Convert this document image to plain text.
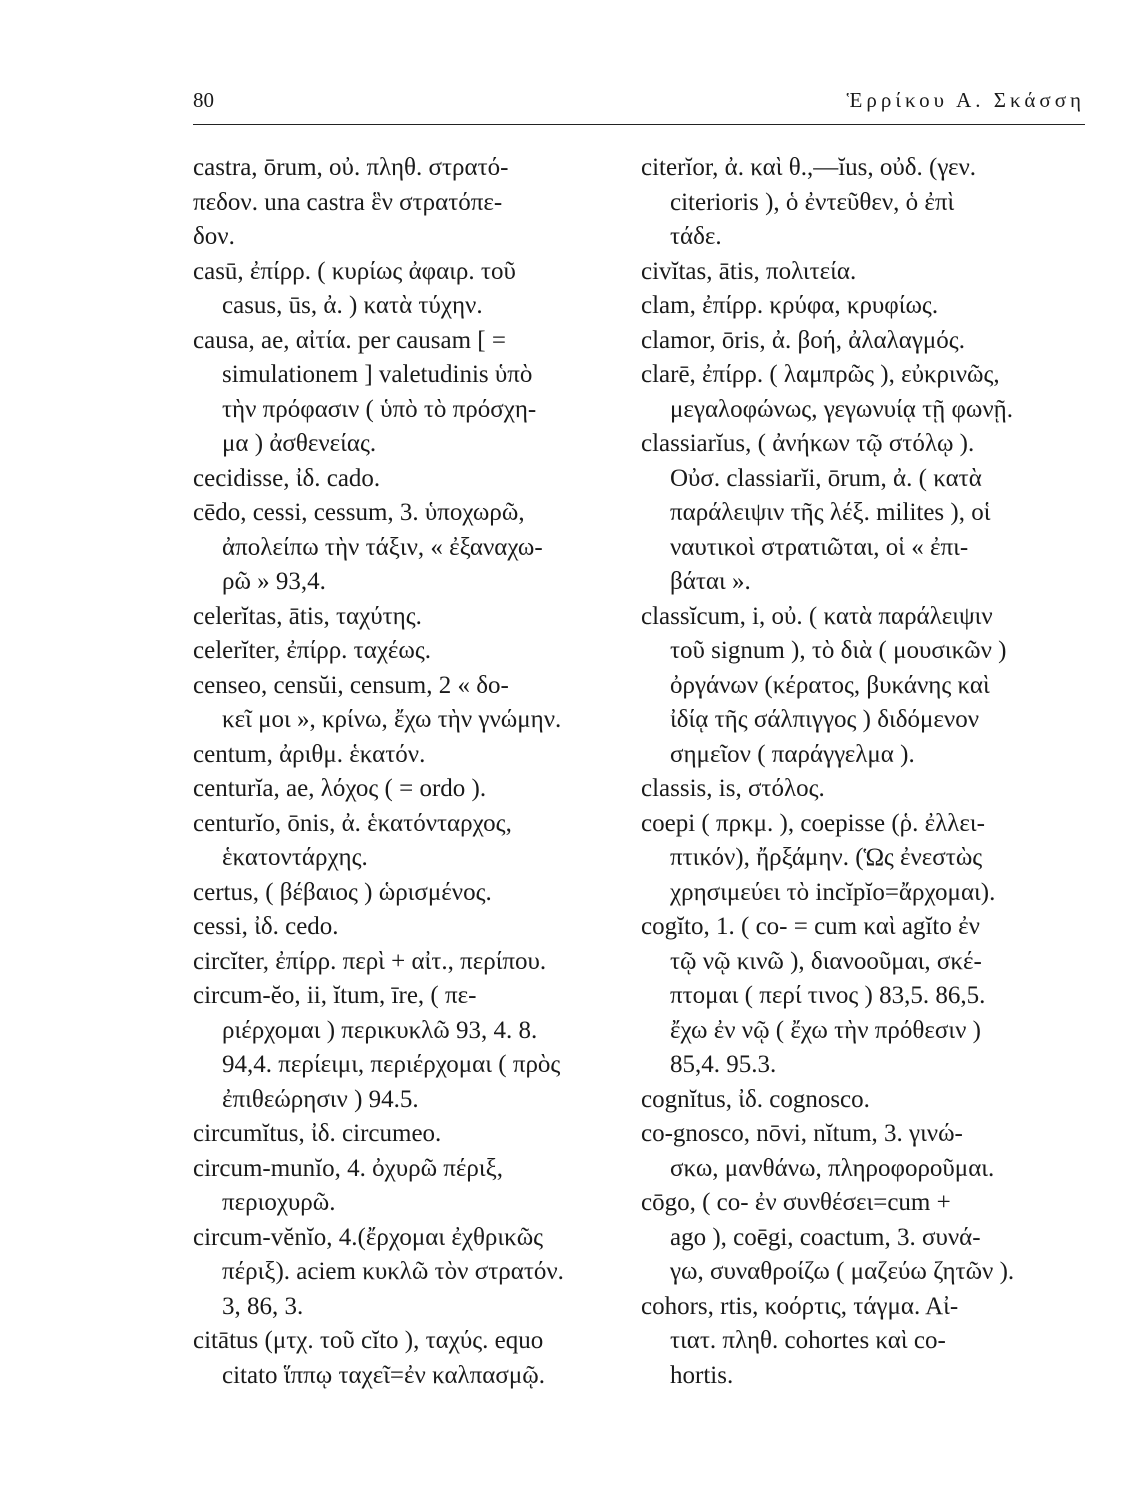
80	Ἑρρίκου Α. Σκάσση
castra, ōrum, οὐ. πληθ. στρατό-
πεδον. una castra ἓν στρατόπε-
δον.
casū, ἐπίρρ. ( κυρίως ἀφαιρ. τοῦ
casus, ūs, ἀ. ) κατὰ τύχην.
causa, ae, αἰτία. per causam [ =
simulationem ] valetudinis ὑπὸ
τὴν πρόφασιν ( ὑπὸ τὸ πρόσχη-
μα ) ἀσθενείας.
cecidisse, ἰδ. cado.
cēdo, cessi, cessum, 3. ὑποχωρῶ,
ἀπολείπω τὴν τάξιν, « ἐξαναχω-
ρῶ » 93,4.
celerĭtas, ātis, ταχύτης.
celerĭter, ἐπίρρ. ταχέως.
censeo, censŭi, censum, 2 « δο-
κεῖ μοι », κρίνω, ἔχω τὴν γνώμην.
centum, ἀριθμ. ἑκατόν.
centurĭa, ae, λόχος ( = ordo ).
centurĭo, ōnis, ἀ. ἑκατόνταρχος,
ἑκατοντάρχης.
certus, ( βέβαιος ) ὡρισμένος.
cessi, ἰδ. cedo.
circĭter, ἐπίρρ. περὶ + αἰτ., περίπου.
circum-ĕo, ii, ĭtum, īre, ( πε-
ριέρχομαι ) περικυκλῶ 93, 4. 8.
94,4. περίειμι, περιέρχομαι ( πρὸς
ἐπιθεώρησιν ) 94.5.
circumĭtus, ἰδ. circumeo.
circum-munĭo, 4. ὀχυρῶ πέριξ,
περιοχυρῶ.
circum-vĕnĭo, 4.(ἔρχομαι ἐχθρικῶς
πέριξ). aciem κυκλῶ τὸν στρατόν.
3, 86, 3.
citātus (μτχ. τοῦ cĭto ), ταχύς. equo
citato ἵππῳ ταχεῖ=ἐν καλπασμῷ.
citerĭor, ἀ. καὶ θ.,—ĭus, οὐδ. (γεν.
citerioris ), ὁ ἐντεῦθεν, ὁ ἐπὶ
τάδε.
civĭtas, ātis, πολιτεία.
clam, ἐπίρρ. κρύφα, κρυφίως.
clamor, ōris, ἀ. βοή, ἀλαλαγμός.
clarē, ἐπίρρ. ( λαμπρῶς ), εὐκρινῶς,
μεγαλοφώνως, γεγωνυίᾳ τῇ φωνῇ.
classiarĭus, ( ἀνήκων τῷ στόλῳ ).
Οὐσ. classiarĭi, ōrum, ἀ. ( κατὰ
παράλειψιν τῆς λέξ. milites ), οἱ
ναυτικοὶ στρατιῶται, οἱ « ἐπι-
βάται ».
classĭcum, i, οὐ. ( κατὰ παράλειψιν
τοῦ signum ), τὸ διὰ ( μουσικῶν )
ὀργάνων (κέρατος, βυκάνης καὶ
ἰδίᾳ τῆς σάλπιγγος ) διδόμενον
σημεῖον ( παράγγελμα ).
classis, is, στόλος.
coepi ( πρκμ. ), coepisse (ῥ. ἐλλει-
πτικόν), ἤρξάμην. (Ὡς ἐνεστὼς
χρησιμεύει τὸ incĭpĭo=ἄρχομαι).
cogĭto, 1. ( co- = cum καὶ agĭto ἐν
τῷ νῷ κινῶ ), διανοοῦμαι, σκέ-
πτομαι ( περί τινος ) 83,5. 86,5.
ἔχω ἐν νῷ ( ἔχω τὴν πρόθεσιν )
85,4. 95.3.
cognĭtus, ἰδ. cognosco.
co-gnosco, nōvi, nĭtum, 3. γινώ-
σκω, μανθάνω, πληροφοροῦμαι.
cōgo, ( co- ἐν συνθέσει=cum +
ago ), coēgi, coactum, 3. συνά-
γω, συναθροίζω ( μαζεύω ζητῶν ).
cohors, rtis, κοόρτις, τάγμα. Αἰ-
τιατ. πληθ. cohortes καὶ co-
hortis.
